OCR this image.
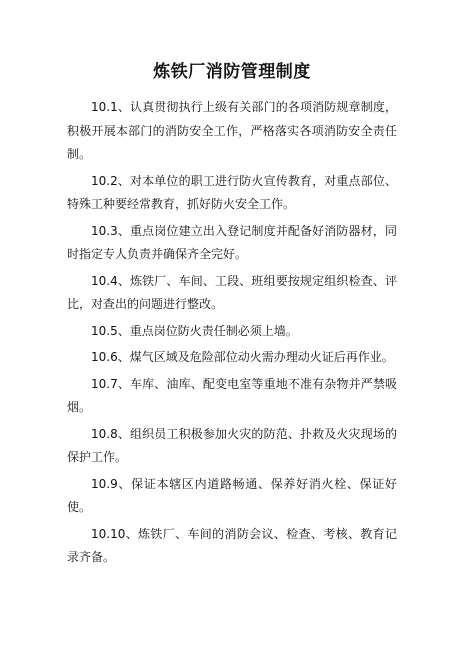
炼铁厂消防管理制度

10.1、认真贯彻执行上级有关部门的各项消防规章制度，积极开展本部门的消防安全工作，严格落实各项消防安全责任制。

10.2、对本单位的职工进行防火宣传教育，对重点部位、特殊工种要经常教育，抓好防火安全工作。

10.3、重点岗位建立出入登记制度并配备好消防器材，同时指定专人负责并确保齐全完好。

10.4、炼铁厂、车间、工段、班组要按规定组织检查、评比，对查出的问题进行整改。

10.5、重点岗位防火责任制必须上墙。

10.6、煤气区域及危险部位动火需办理动火证后再作业。

10.7、车库、油库、配变电室等重地不准有杂物并严禁吸烟。

10.8、组织员工积极参加火灾的防范、扑救及火灾现场的保护工作。

10.9、保证本辖区内道路畅通、保养好消火栓、保证好使。

10.10、炼铁厂、车间的消防会议、检查、考核、教育记录齐备。
